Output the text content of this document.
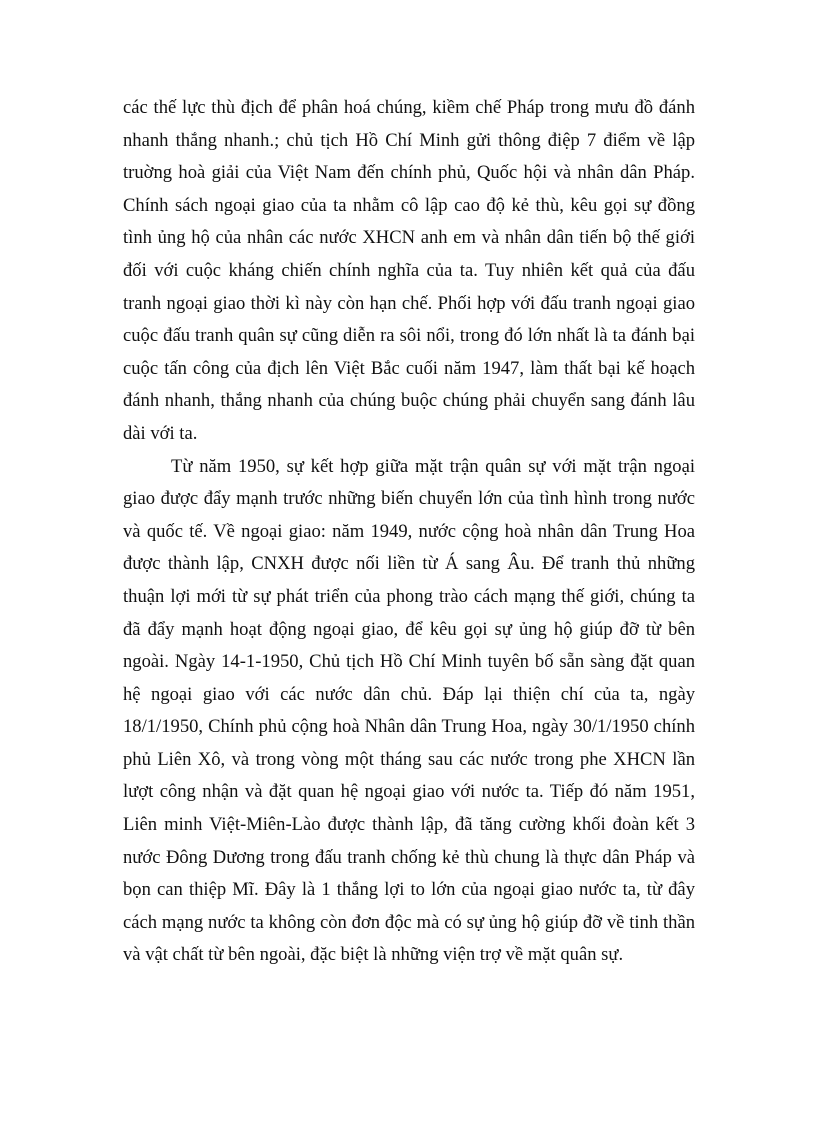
các thế lực thù địch để phân hoá chúng, kiềm chế Pháp trong mưu đồ đánh nhanh thắng nhanh.; chủ tịch Hồ Chí Minh gửi thông điệp 7 điểm về lập truờng hoà giải của Việt Nam đến chính phủ, Quốc hội và nhân dân Pháp. Chính sách ngoại giao của ta nhằm cô lập cao độ kẻ thù, kêu gọi sự đồng tình ủng hộ của nhân các nước XHCN anh em và nhân dân tiến bộ thế giới đối với cuộc kháng chiến chính nghĩa của ta. Tuy nhiên kết quả của đấu tranh ngoại giao thời kì này còn hạn chế. Phối hợp với đấu tranh ngoại giao cuộc đấu tranh quân sự cũng diễn ra sôi nổi, trong đó lớn nhất là ta đánh bại cuộc tấn công của địch lên Việt Bắc cuối năm 1947, làm thất bại kế hoạch đánh nhanh, thắng nhanh của chúng buộc chúng phải chuyển sang đánh lâu dài với ta.

Từ năm 1950, sự kết hợp giữa mặt trận quân sự với mặt trận ngoại giao được đẩy mạnh trước những biến chuyển lớn của tình hình trong nước và quốc tế. Về ngoại giao: năm 1949, nước cộng hoà nhân dân Trung Hoa được thành lập, CNXH được nối liền từ Á sang Âu. Để tranh thủ những thuận lợi mới từ sự phát triển của phong trào cách mạng thế giới, chúng ta đã đẩy mạnh hoạt động ngoại giao, để kêu gọi sự ủng hộ giúp đỡ từ bên ngoài. Ngày 14-1-1950, Chủ tịch Hồ Chí Minh tuyên bố sẵn sàng đặt quan hệ ngoại giao với các nước dân chủ. Đáp lại thiện chí của ta, ngày 18/1/1950, Chính phủ cộng hoà Nhân dân Trung Hoa, ngày 30/1/1950 chính phủ Liên Xô, và trong vòng một tháng sau các nước trong phe XHCN lần lượt công nhận và đặt quan hệ ngoại giao với nước ta. Tiếp đó năm 1951, Liên minh Việt-Miên-Lào được thành lập, đã tăng cường khối đoàn kết 3 nước Đông Dương trong đấu tranh chống kẻ thù chung là thực dân Pháp và bọn can thiệp Mĩ. Đây là 1 thắng lợi to lớn của ngoại giao nước ta, từ đây cách mạng nước ta không còn đơn độc mà có sự ủng hộ giúp đỡ về tinh thần và vật chất từ bên ngoài, đặc biệt là những viện trợ về mặt quân sự.
